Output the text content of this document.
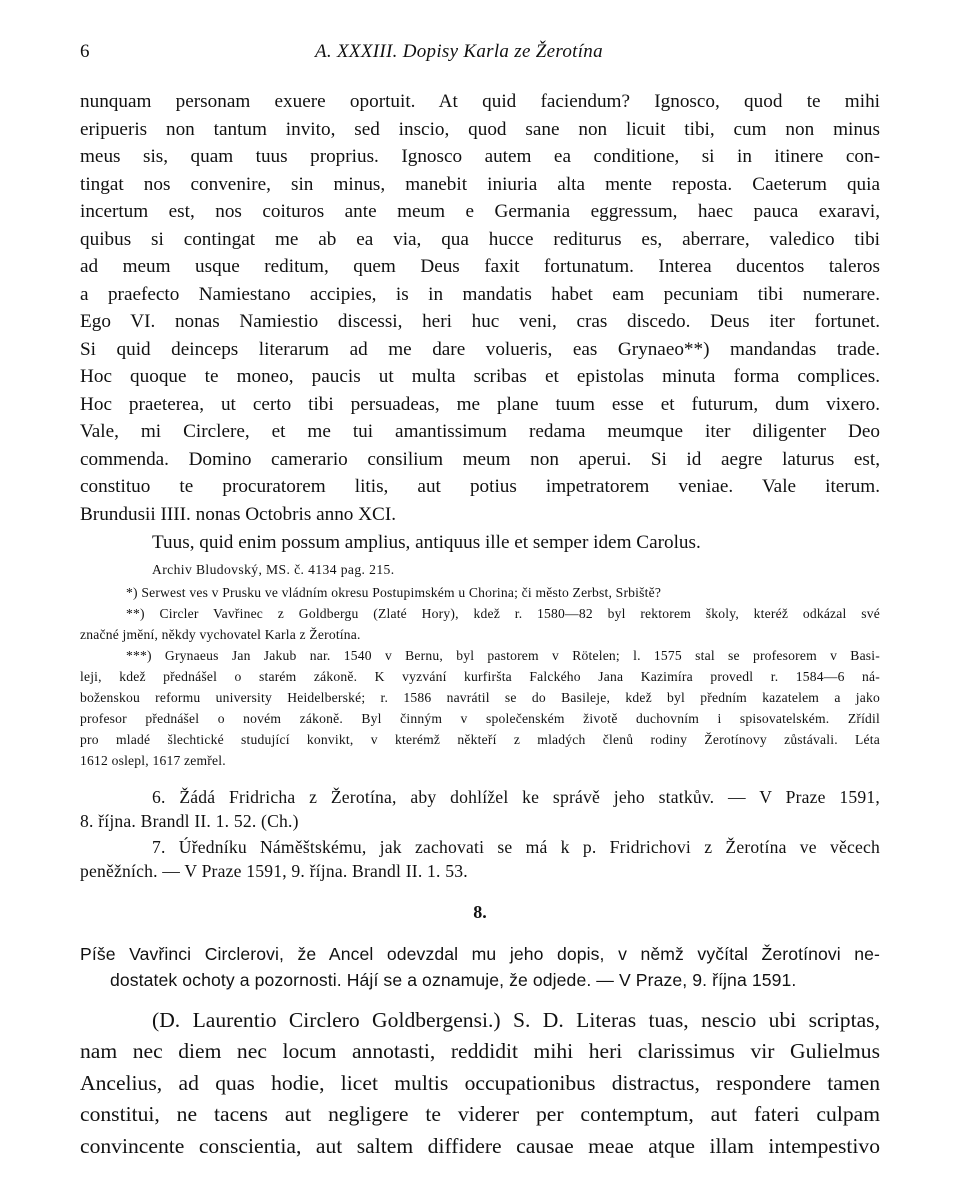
6	A. XXXIII. Dopisy Karla ze Žerotína
nunquam personam exuere oportuit. At quid faciendum? Ignosco, quod te mihi
eripueris non tantum invito, sed inscio, quod sane non licuit tibi, cum non minus
meus sis, quam tuus proprius. Ignosco autem ea conditione, si in itinere con-
tingat nos convenire, sin minus, manebit iniuria alta mente reposta. Caeterum quia
incertum est, nos coituros ante meum e Germania eggressum, haec pauca exaravi,
quibus si contingat me ab ea via, qua hucce rediturus es, aberrare, valedico tibi
ad meum usque reditum, quem Deus faxit fortunatum. Interea ducentos taleros
a praefecto Namiestano accipies, is in mandatis habet eam pecuniam tibi numerare.
Ego VI. nonas Namiestio discessi, heri huc veni, cras discedo. Deus iter fortunet.
Si quid deinceps literarum ad me dare volueris, eas Grynaeo**) mandandas trade.
Hoc quoque te moneo, paucis ut multa scribas et epistolas minuta forma complices.
Hoc praeterea, ut certo tibi persuadeas, me plane tuum esse et futurum, dum vixero.
Vale, mi Circlere, et me tui amantissimum redama meumque iter diligenter Deo
commenda. Domino camerario consilium meum non aperui. Si id aegre laturus est,
constituo te procuratorem litis, aut potius impetratorem veniae. Vale iterum.
Brundusii IIII. nonas Octobris anno XCI.
Tuus, quid enim possum amplius, antiquus ille et semper idem Carolus.
Archiv Bludovský, MS. č. 4134 pag. 215.
*) Serwest ves v Prusku ve vládním okresu Postupimském u Chorina; či město Zerbst, Srbiště?
**) Circler Vavřinec z Goldbergu (Zlaté Hory), kdež r. 1580—82 byl rektorem školy, kteréž odkázal své
značné jmění, někdy vychovatel Karla z Žerotína.
***) Grynaeus Jan Jakub nar. 1540 v Bernu, byl pastorem v Rötelen; l. 1575 stal se profesorem v Basi-
leji, kdež přednášel o starém zákoně. K vyzvání kurfiršta Falckého Jana Kazimíra provedl r. 1584—6 ná-
boženskou reformu university Heidelberské; r. 1586 navrátil se do Basileje, kdež byl předním kazatelem a jako
profesor přednášel o novém zákoně. Byl činným v společenském životě duchovním i spisovatelském. Zřídil
pro mladé šlechtické studující konvikt, v kterémž někteří z mladých členů rodiny Žerotínovy zůstávali. Léta
1612 oslepl, 1617 zemřel.
6. Žádá Fridricha z Žerotína, aby dohlížel ke správě jeho statkův. — V Praze 1591,
8. října. Brandl II. 1. 52. (Ch.)
7. Úředníku Náměštskému, jak zachovati se má k p. Fridrichovi z Žerotína ve věcech
peněžních. — V Praze 1591, 9. října. Brandl II. 1. 53.
8.
Píše Vavřinci Circlerovi, že Ancel odevzdal mu jeho dopis, v němž vyčítal Žerotínovi ne-
dostatek ochoty a pozornosti. Hájí se a oznamuje, že odjede. — V Praze, 9. října 1591.
(D. Laurentio Circlero Goldbergensi.) S. D. Literas tuas, nescio ubi scriptas,
nam nec diem nec locum annotasti, reddidit mihi heri clarissimus vir Gulielmus
Ancelius, ad quas hodie, licet multis occupationibus distractus, respondere tamen
constitui, ne tacens aut negligere te viderer per contemptum, aut fateri culpam
convincente conscientia, aut saltem diffidere causae meae atque illam intempestivo
